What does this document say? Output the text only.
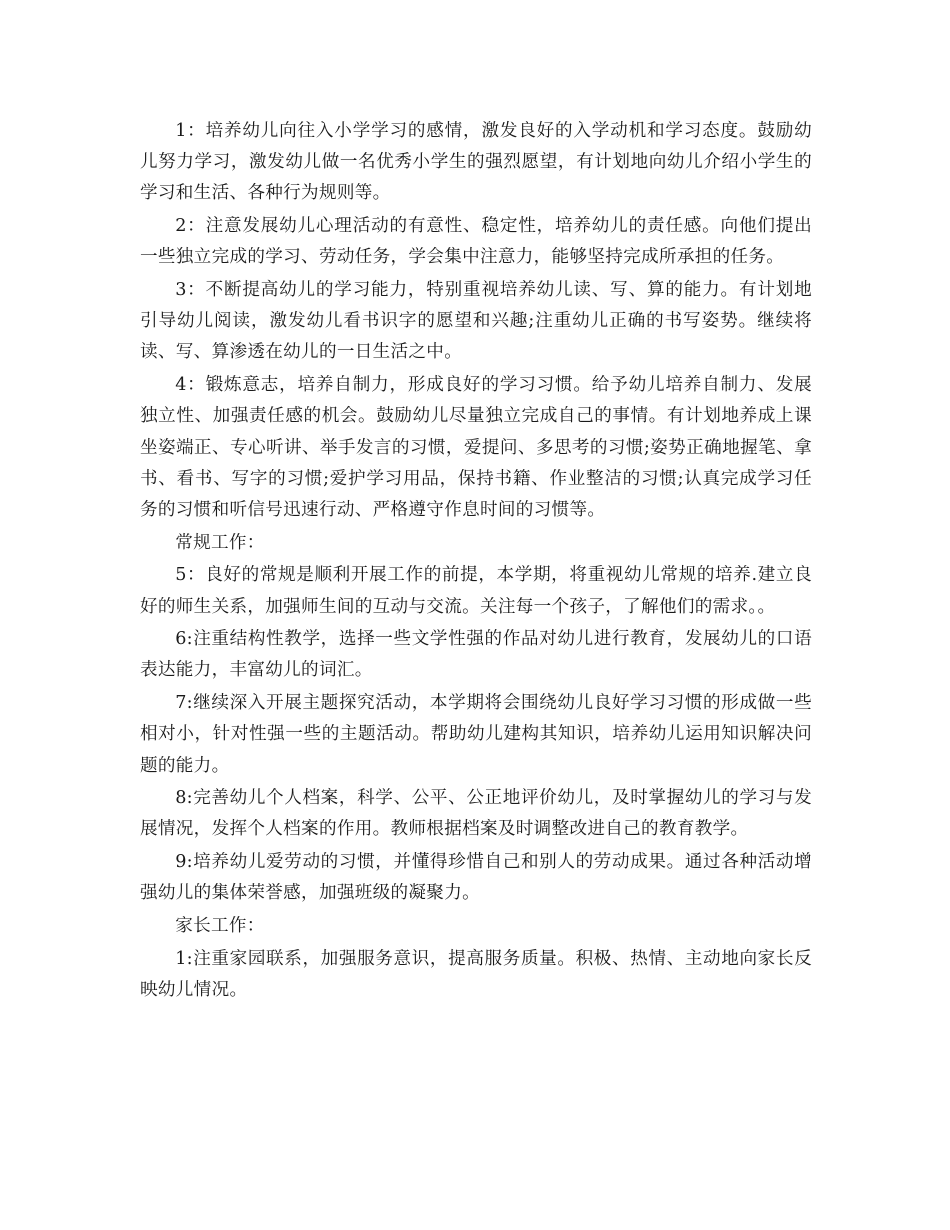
1：培养幼儿向往入小学学习的感情，激发良好的入学动机和学习态度。鼓励幼儿努力学习，激发幼儿做一名优秀小学生的强烈愿望，有计划地向幼儿介绍小学生的学习和生活、各种行为规则等。

2：注意发展幼儿心理活动的有意性、稳定性，培养幼儿的责任感。向他们提出一些独立完成的学习、劳动任务，学会集中注意力，能够坚持完成所承担的任务。

3：不断提高幼儿的学习能力，特别重视培养幼儿读、写、算的能力。有计划地引导幼儿阅读，激发幼儿看书识字的愿望和兴趣;注重幼儿正确的书写姿势。继续将读、写、算渗透在幼儿的一日生活之中。

4：锻炼意志，培养自制力，形成良好的学习习惯。给予幼儿培养自制力、发展独立性、加强责任感的机会。鼓励幼儿尽量独立完成自己的事情。有计划地养成上课坐姿端正、专心听讲、举手发言的习惯，爱提问、多思考的习惯;姿势正确地握笔、拿书、看书、写字的习惯;爱护学习用品，保持书籍、作业整洁的习惯;认真完成学习任务的习惯和听信号迅速行动、严格遵守作息时间的习惯等。

常规工作：

5：良好的常规是顺利开展工作的前提，本学期，将重视幼儿常规的培养.建立良好的师生关系，加强师生间的互动与交流。关注每一个孩子，了解他们的需求。。

6:注重结构性教学，选择一些文学性强的作品对幼儿进行教育，发展幼儿的口语表达能力，丰富幼儿的词汇。

7:继续深入开展主题探究活动，本学期将会围绕幼儿良好学习习惯的形成做一些相对小，针对性强一些的主题活动。帮助幼儿建构其知识，培养幼儿运用知识解决问题的能力。

8:完善幼儿个人档案，科学、公平、公正地评价幼儿，及时掌握幼儿的学习与发展情况，发挥个人档案的作用。教师根据档案及时调整改进自己的教育教学。

9:培养幼儿爱劳动的习惯，并懂得珍惜自己和别人的劳动成果。通过各种活动增强幼儿的集体荣誉感，加强班级的凝聚力。

家长工作：

1:注重家园联系，加强服务意识，提高服务质量。积极、热情、主动地向家长反映幼儿情况。
